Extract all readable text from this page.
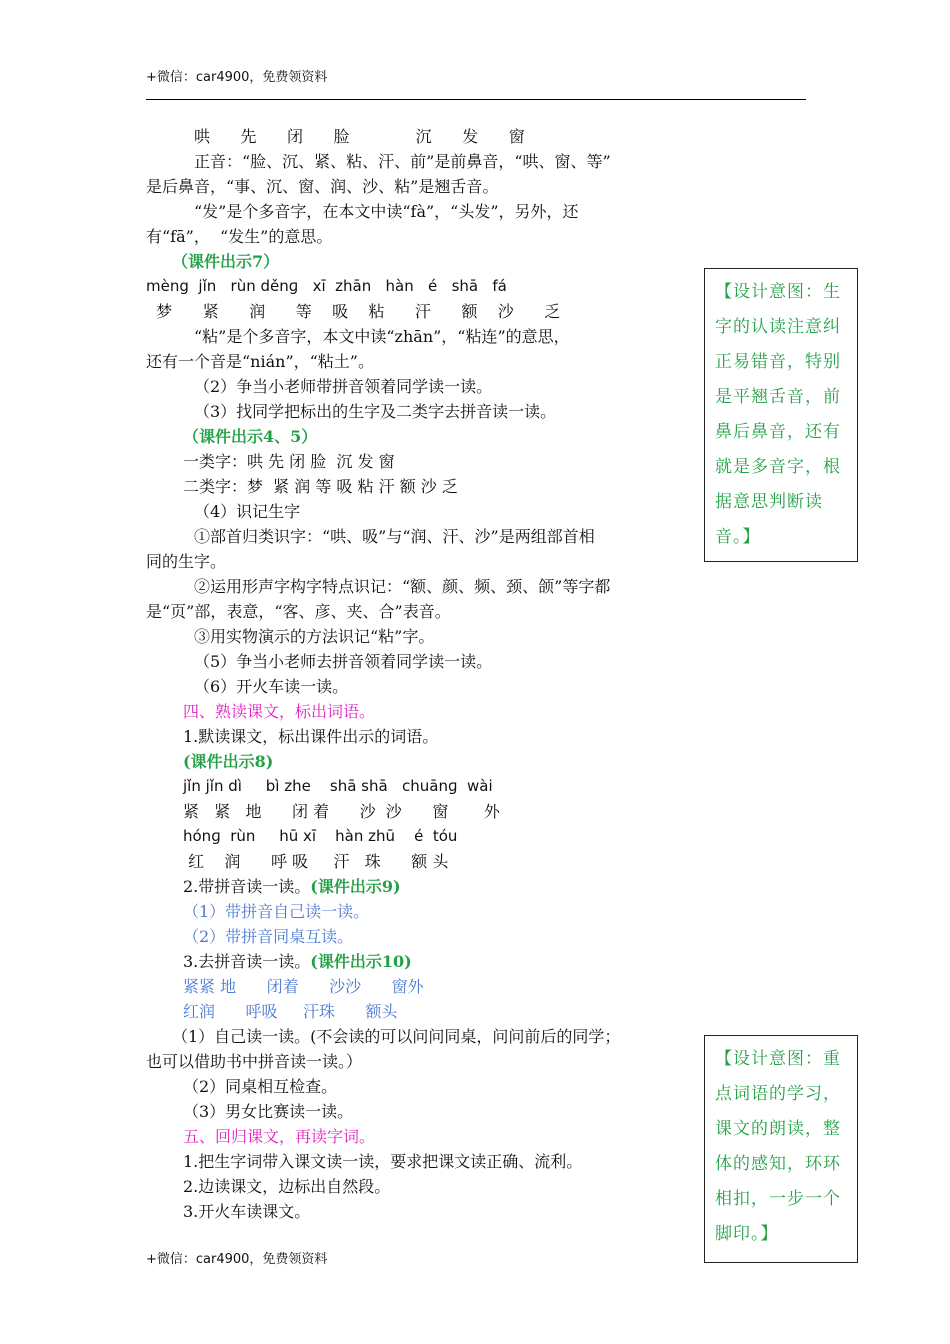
+微信：car4900，免费领资料
哄      先      闭      脸             沉      发      窗
正音：“脸、沉、紧、粘、汗、前”是前鼻音，“哄、窗、等”
是后鼻音，“事、沉、窗、润、沙、粘”是翘舌音。
“发”是个多音字，在本文中读“fà”，“头发”，另外，还
有“fā”，  “发生”的意思。
（课件出示7）
mèng  jǐn   rùn děnɡ   xī  zhān   hàn   é   shā   fá
梦      紧      润      等    吸    粘      汗      额    沙      乏
“粘”是个多音字，本文中读“zhān”，“粘连”的意思，
还有一个音是“nián”，“粘土”。
（2）争当小老师带拼音领着同学读一读。
（3）找同学把标出的生字及二类字去拼音读一读。
（课件出示4、5）
一类字：哄 先 闭 脸  沉 发 窗
二类字：梦  紧 润 等 吸 粘 汗 额 沙 乏
（4）识记生字
①部首归类识字：“哄、吸”与“润、汗、沙”是两组部首相
同的生字。
②运用形声字构字特点识记：“额、颜、频、颈、颌”等字都
是“页”部，表意，“客、彦、夹、合”表音。
③用实物演示的方法识记“粘”字。
（5）争当小老师去拼音领着同学读一读。
（6）开火车读一读。
四、熟读课文，标出词语。
1.默读课文，标出课件出示的词语。
(课件出示8)
jǐn jǐn dì     bì zhe    shā shā   chuānɡ  wài
紧   紧   地      闭 着      沙  沙      窗       外
hónɡ  rùn     hū xī    hàn zhū    é  tóu
红    润      呼 吸     汗   珠      额 头
2.带拼音读一读。(课件出示9)
（1）带拼音自己读一读。
（2）带拼音同桌互读。
3.去拼音读一读。(课件出示10)
紧紧 地      闭着      沙沙      窗外
红润      呼吸     汗珠      额头
（1）自己读一读。(不会读的可以问问同桌，问问前后的同学；
也可以借助书中拼音读一读。）
（2）同桌相互检查。
（3）男女比赛读一读。
五、回归课文，再读字词。
1.把生字词带入课文读一读，要求把课文读正确、流利。
2.边读课文，边标出自然段。
3.开火车读课文。
【设计意图：生字的认读注意纠正易错音，特别是平翘舌音，前鼻后鼻音，还有就是多音字，根据意思判断读音。】
【设计意图：重点词语的学习，课文的朗读，整体的感知，环环相扣，一步一个脚印。】
+微信：car4900，免费领资料
